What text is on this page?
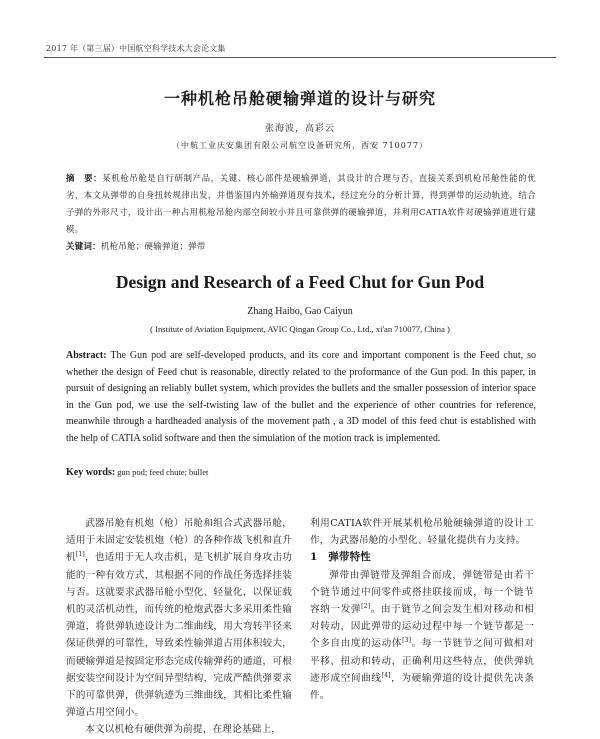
2017 年（第三届）中国航空科学技术大会论文集
一种机枪吊舱硬输弹道的设计与研究
张海波，高彩云
（中航工业庆安集团有限公司航空设备研究所，西安 710077）
摘　要：某机枪吊舱是自行研制产品，关键、核心部件是硬输弹道，其设计的合理与否，直接关系到机枪吊舱性能的优劣，本文从弹带的自身扭转规律出发，并借鉴国内外输弹道现有技术，经过充分的分析计算，得到弹带的运动轨迹，结合子弹的外形尺寸，设计出一种占用机枪吊舱内部空间较小并且可靠供弹的硬输弹道，并利用CATIA软件对硬输弹道进行建模。
关键词：机枪吊舱；硬输弹道；弹带
Design and Research of a Feed Chut for Gun Pod
Zhang Haibo, Gao Caiyun
( Institute of Aviation Equipment, AVIC Qingan Group Co., Ltd., xi'an 710077, China )
Abstract: The Gun pod are self-developed products, and its core and important component is the Feed chut, so whether the design of Feed chut is reasonable, directly related to the proformance of the Gun pod. In this paper, in pursuit of designing an reliably bullet system, which provides the bullets and the smaller possession of interior space in the Gun pod, we use the self-twisting law of the bullet and the experience of other countries for reference, meanwhile through a hardheaded analysis of the movement path , a 3D model of this feed chut is established with the help of CATIA solid software and then the simulation of the motion track is implemented.
Key words: gun pod; feed chute; bullet

武器吊舱有机炮（枪）吊舱和组合式武器吊舱，适用于未固定安装机炮（枪）的各种作战飞机和直升机[1]，也适用于无人攻击机，是飞机扩展自身攻击功能的一种有效方式，其根据不同的作战任务选择挂装与否。这就要求武器吊舱小型化、轻量化，以保证载机的灵活机动性，而传统的枪炮武器大多采用柔性输弹道，将供弹轨迹设计为二维曲线，用大弯转半径来保证供弹的可靠性，导致柔性输弹道占用体积较大，而硬输弹道是按固定形态完成传输弹药的通道，可根据安装空间设计为空间异型结构，完成严酷供弹要求下的可靠供弹，供弹轨迹为三维曲线，其相比柔性输弹道占用空间小。

本文以机枪有硬供弹为前提，在理论基础上，

利用CATIA软件开展某机枪吊舱硬输弹道的设计工作，为武器吊舱的小型化、轻量化提供有力支持。

1　弹带特性

弹带由弹链带及弹组合而成，弹链带是由若干个链节通过中间零件或搭挂联接而成，每一个链节容纳一发弹[2]。由于链节之间会发生相对移动和相对转动，因此弹带的运动过程中每一个链节都是一个多自由度的运动体[3]。每一节链节之间可做相对平移、扭动和转动，正确利用这些特点，使供弹轨迹形成空间曲线[4]，为硬输弹道的设计提供先决条件。
